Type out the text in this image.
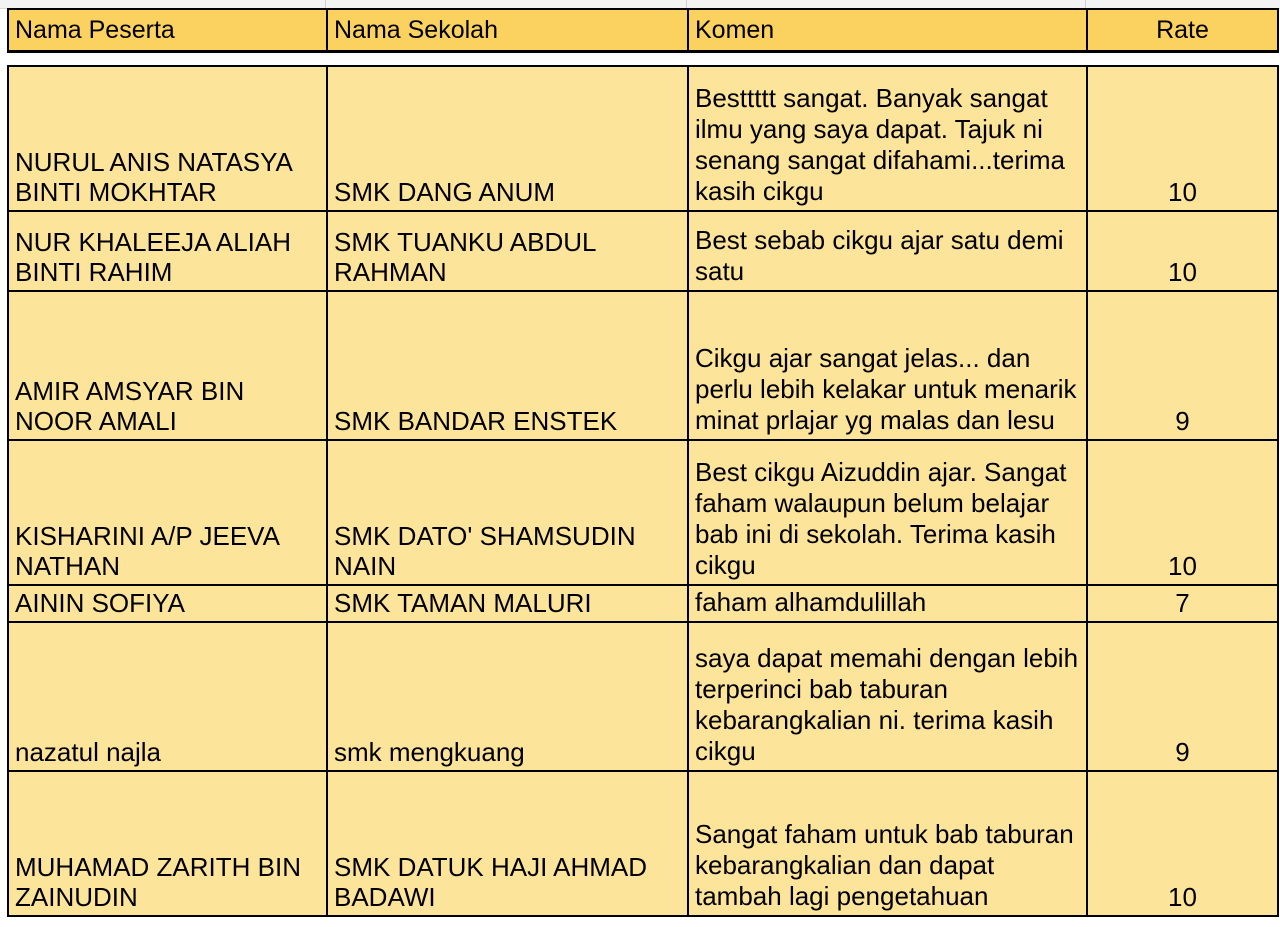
Nama Peserta	Nama Sekolah	Komen	Rate

NURUL ANIS NATASYA BINTI MOKHTAR	SMK DANG ANUM	Besttttt sangat. Banyak sangat ilmu yang saya dapat. Tajuk ni senang sangat difahami...terima kasih cikgu	10
NUR KHALEEJA ALIAH BINTI RAHIM	SMK TUANKU ABDUL RAHMAN	Best sebab cikgu ajar satu demi satu	10
AMIR AMSYAR BIN NOOR AMALI	SMK BANDAR ENSTEK	Cikgu ajar sangat jelas... dan perlu lebih kelakar untuk menarik minat prlajar yg malas dan lesu	9
KISHARINI A/P JEEVA NATHAN	SMK DATO' SHAMSUDIN NAIN	Best cikgu Aizuddin ajar. Sangat faham walaupun belum belajar bab ini di sekolah. Terima kasih cikgu	10
AININ SOFIYA	SMK TAMAN MALURI	faham alhamdulillah	7
nazatul najla	smk mengkuang	saya dapat memahi dengan lebih terperinci bab taburan kebarangkalian ni. terima kasih cikgu	9
MUHAMAD ZARITH BIN ZAINUDIN	SMK DATUK HAJI AHMAD BADAWI	Sangat faham untuk bab taburan kebarangkalian dan dapat tambah lagi pengetahuan	10
